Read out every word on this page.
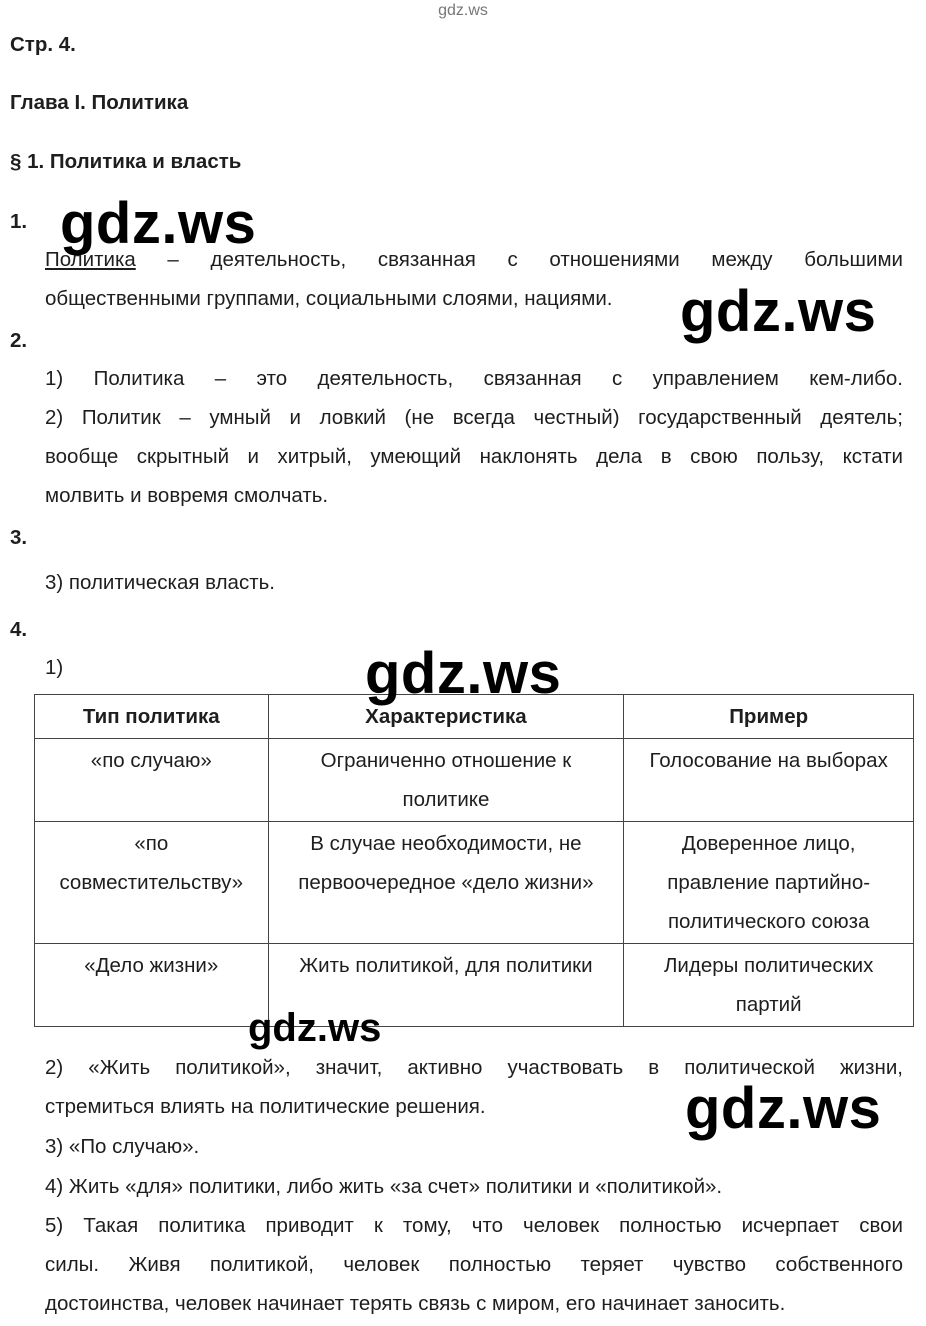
gdz.ws
Стр. 4.
Глава I. Политика
§ 1. Политика и власть
1. gdz.ws
Политика – деятельность, связанная с отношениями между большими
общественными группами, социальными слоями, нациями. gdz.ws
2.
1) Политика – это деятельность, связанная с управлением кем-либо.
2) Политик – умный и ловкий (не всегда честный) государственный деятель;
вообще скрытный и хитрый, умеющий наклонять дела в свою пользу, кстати
молвить и вовремя смолчать.
3.
3) политическая власть.
4.
1)
Тип политика	Характеристика	Пример
«по случаю»	Ограниченно отношение к политике	Голосование на выборах
«по совместительству»	В случае необходимости, не первоочередное «дело жизни»	Доверенное лицо, правление партийно-политического союза
«Дело жизни»	Жить политикой, для политики	Лидеры политических партий
gdz.ws
gdz.ws
2) «Жить политикой», значит, активно участвовать в политической жизни,
стремиться влиять на политические решения.	gdz.ws
3) «По случаю».
4) Жить «для» политики, либо жить «за счет» политики и «политикой».
5) Такая политика приводит к тому, что человек полностью исчерпает свои
силы. Живя политикой, человек полностью теряет чувство собственного
достоинства, человек начинает терять связь с миром, его начинает заносить.
